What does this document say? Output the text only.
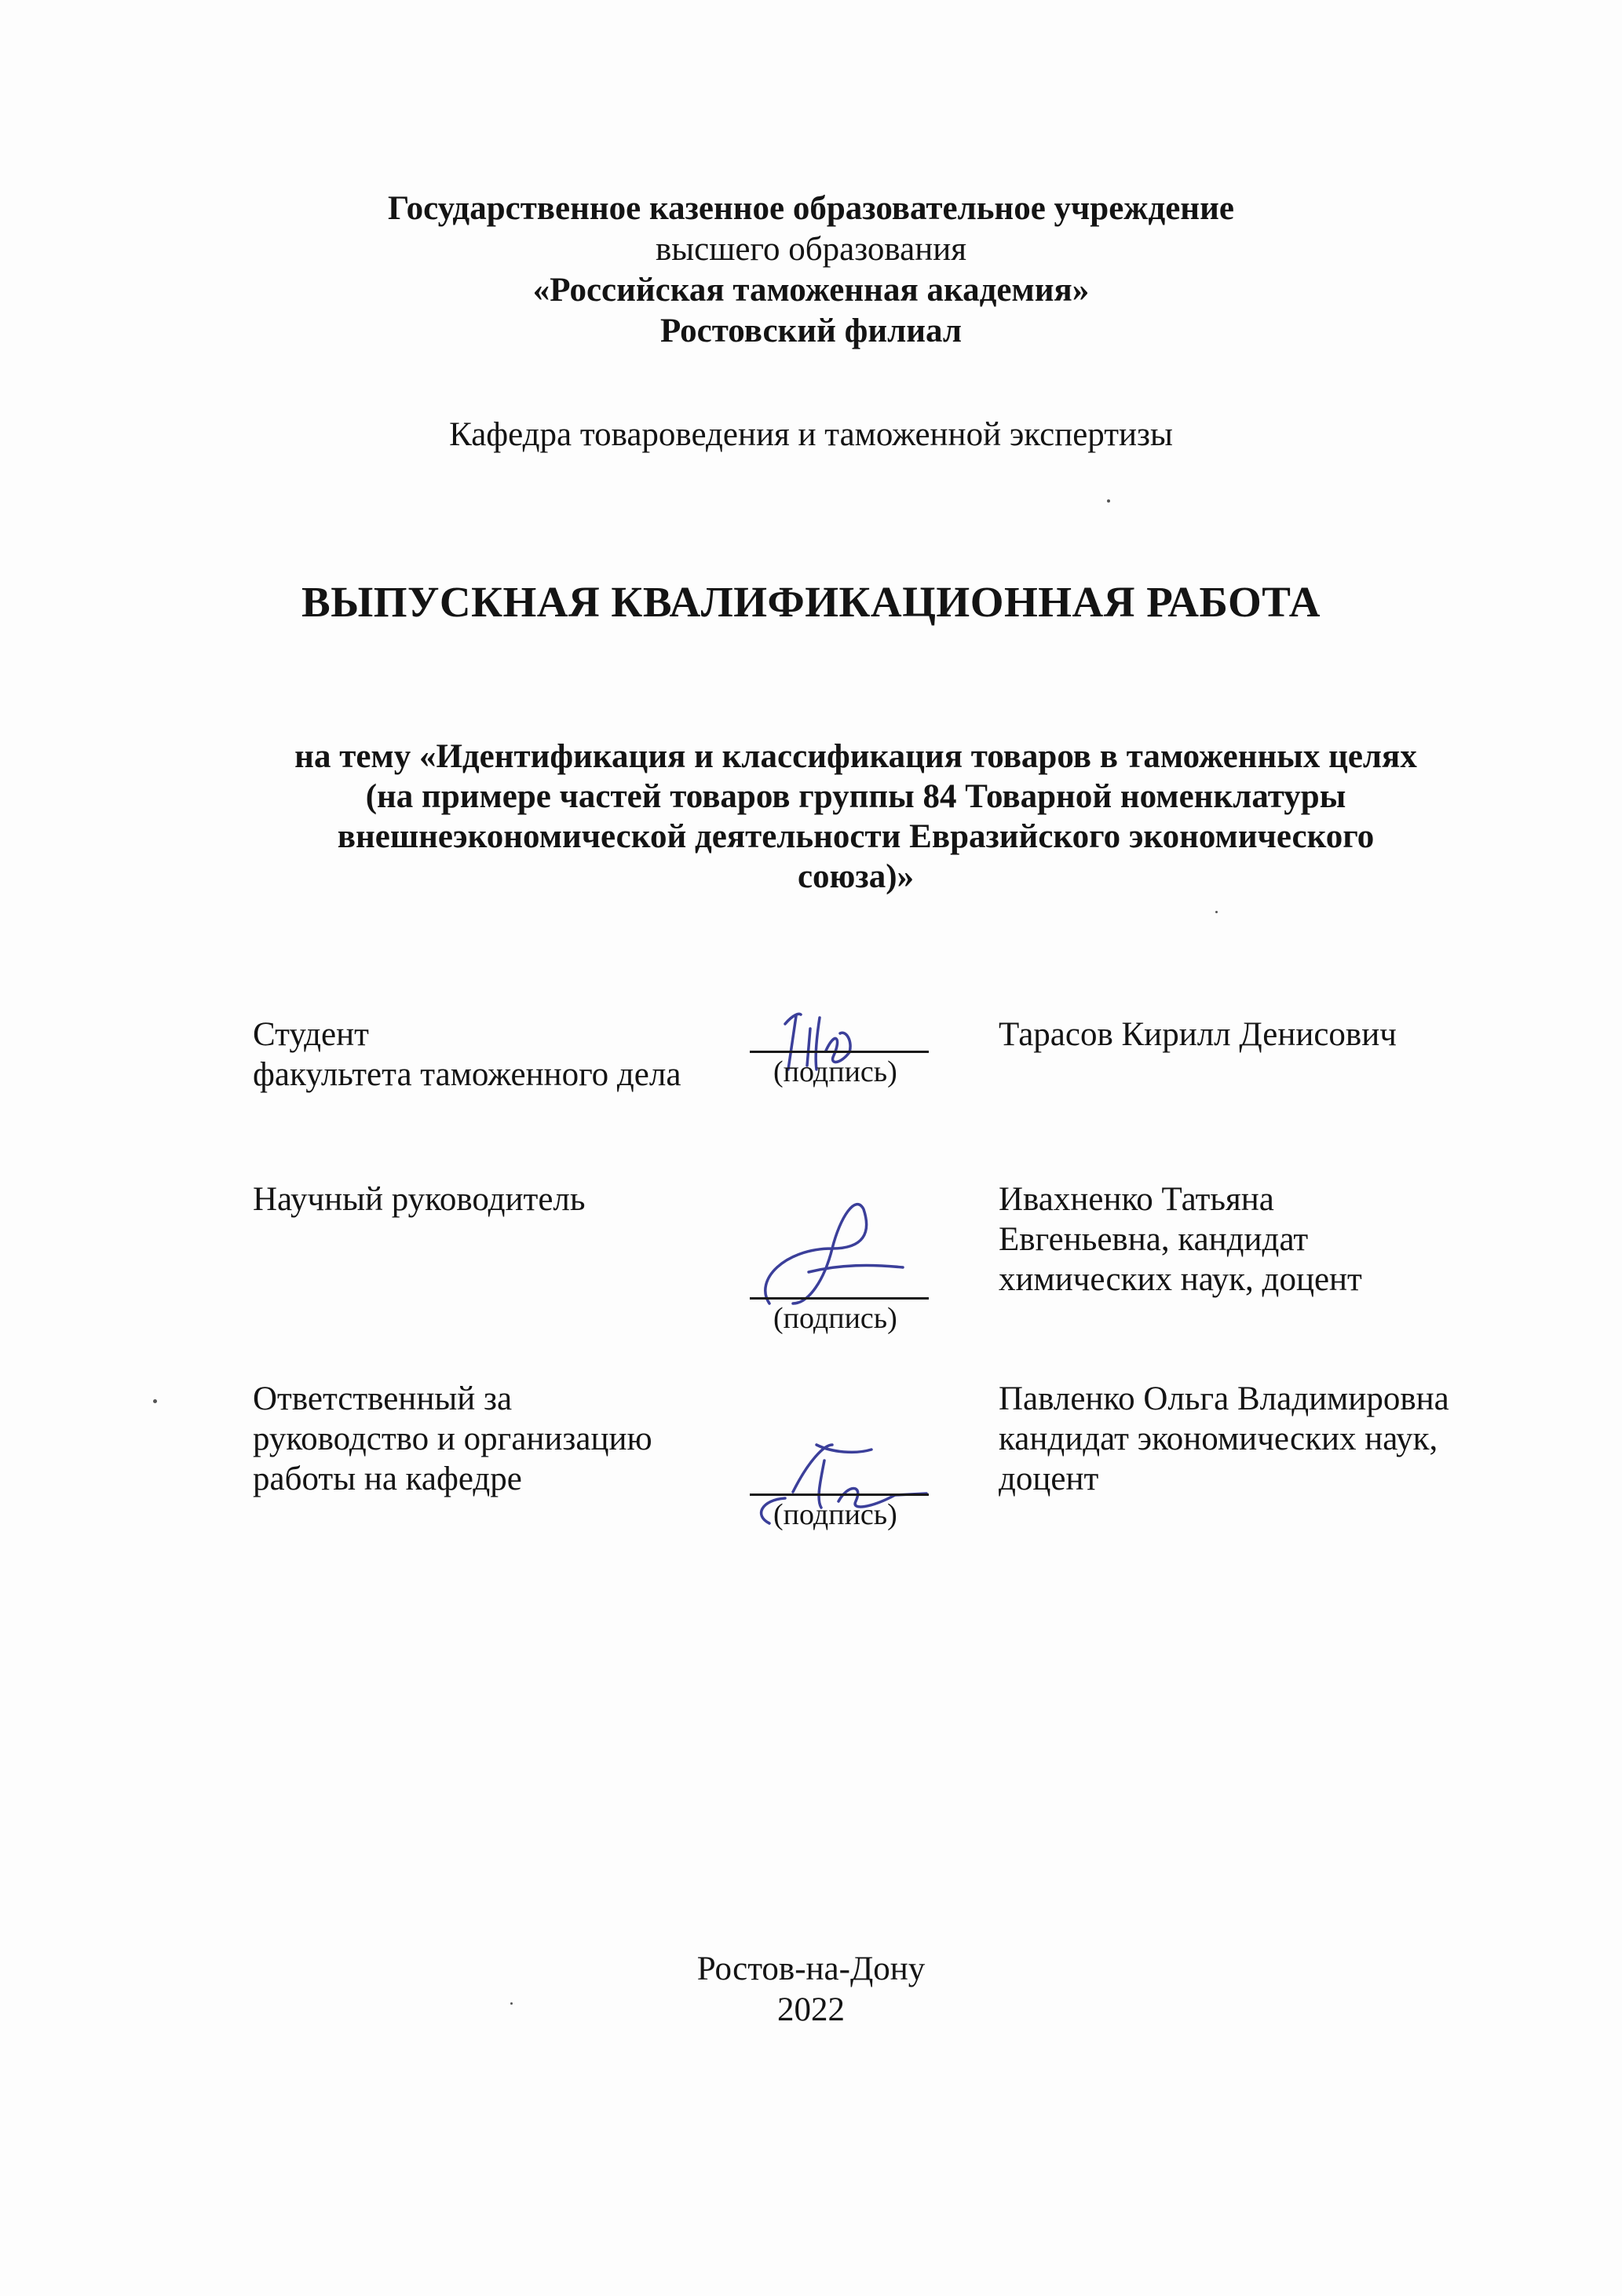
Государственное казенное образовательное учреждение
высшего образования
«Российская таможенная академия»
Ростовский филиал
Кафедра товароведения и таможенной экспертизы
ВЫПУСКНАЯ КВАЛИФИКАЦИОННАЯ РАБОТА
на тему «Идентификация и классификация товаров в таможенных целях
(на примере частей товаров группы 84 Товарной номенклатуры
внешнеэкономической деятельности Евразийского экономического
союза)»
Студент
факультета таможенного дела	(подпись)
Тарасов Кирилл Денисович
Научный руководитель
(подпись)
Ивахненко Татьяна
Евгеньевна, кандидат
химических наук, доцент
Ответственный за
руководство и организацию
работы на кафедре
(подпись)
Павленко Ольга Владимировна
кандидат экономических наук,
доцент
Ростов-на-Дону
2022
